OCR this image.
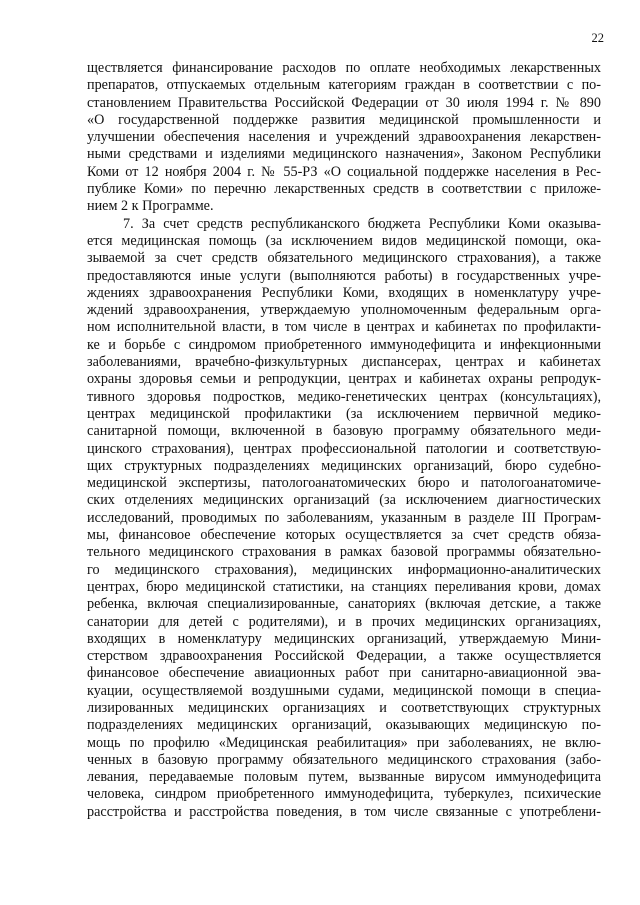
22
ществляется финансирование расходов по оплате необходимых лекарственных
препаратов, отпускаемых отдельным категориям граждан в соответствии с по-
становлением Правительства Российской Федерации от 30 июля 1994 г. № 890
«О государственной поддержке развития медицинской промышленности и
улучшении обеспечения населения и учреждений здравоохранения лекарствен-
ными средствами и изделиями медицинского назначения», Законом Республики
Коми от 12 ноября 2004 г. № 55-РЗ «О социальной поддержке населения в Рес-
публике Коми» по перечню лекарственных средств в соответствии с приложе-
нием 2 к Программе.
7. За счет средств республиканского бюджета Республики Коми оказыва-
ется медицинская помощь (за исключением видов медицинской помощи, ока-
зываемой за счет средств обязательного медицинского страхования), а также
предоставляются иные услуги (выполняются работы) в государственных учре-
ждениях здравоохранения Республики Коми, входящих в номенклатуру учре-
ждений здравоохранения, утверждаемую уполномоченным федеральным орга-
ном исполнительной власти, в том числе в центрах и кабинетах по профилакти-
ке и борьбе с синдромом приобретенного иммунодефицита и инфекционными
заболеваниями, врачебно-физкультурных диспансерах, центрах и кабинетах
охраны здоровья семьи и репродукции, центрах и кабинетах охраны репродук-
тивного здоровья подростков, медико-генетических центрах (консультациях),
центрах медицинской профилактики (за исключением первичной медико-
санитарной помощи, включенной в базовую программу обязательного меди-
цинского страхования), центрах профессиональной патологии и соответствую-
щих структурных подразделениях медицинских организаций, бюро судебно-
медицинской экспертизы, патологоанатомических бюро и патологоанатомиче-
ских отделениях медицинских организаций (за исключением диагностических
исследований, проводимых по заболеваниям, указанным в разделе III Програм-
мы, финансовое обеспечение которых осуществляется за счет средств обяза-
тельного медицинского страхования в рамках базовой программы обязательно-
го медицинского страхования), медицинских информационно-аналитических
центрах, бюро медицинской статистики, на станциях переливания крови, домах
ребенка, включая специализированные, санаториях (включая детские, а также
санатории для детей с родителями), и в прочих медицинских организациях,
входящих в номенклатуру медицинских организаций, утверждаемую Мини-
стерством здравоохранения Российской Федерации, а также осуществляется
финансовое обеспечение авиационных работ при санитарно-авиационной эва-
куации, осуществляемой воздушными судами, медицинской помощи в специа-
лизированных медицинских организациях и соответствующих структурных
подразделениях медицинских организаций, оказывающих медицинскую по-
мощь по профилю «Медицинская реабилитация» при заболеваниях, не вклю-
ченных в базовую программу обязательного медицинского страхования (забо-
левания, передаваемые половым путем, вызванные вирусом иммунодефицита
человека, синдром приобретенного иммунодефицита, туберкулез, психические
расстройства и расстройства поведения, в том числе связанные с употреблени-
